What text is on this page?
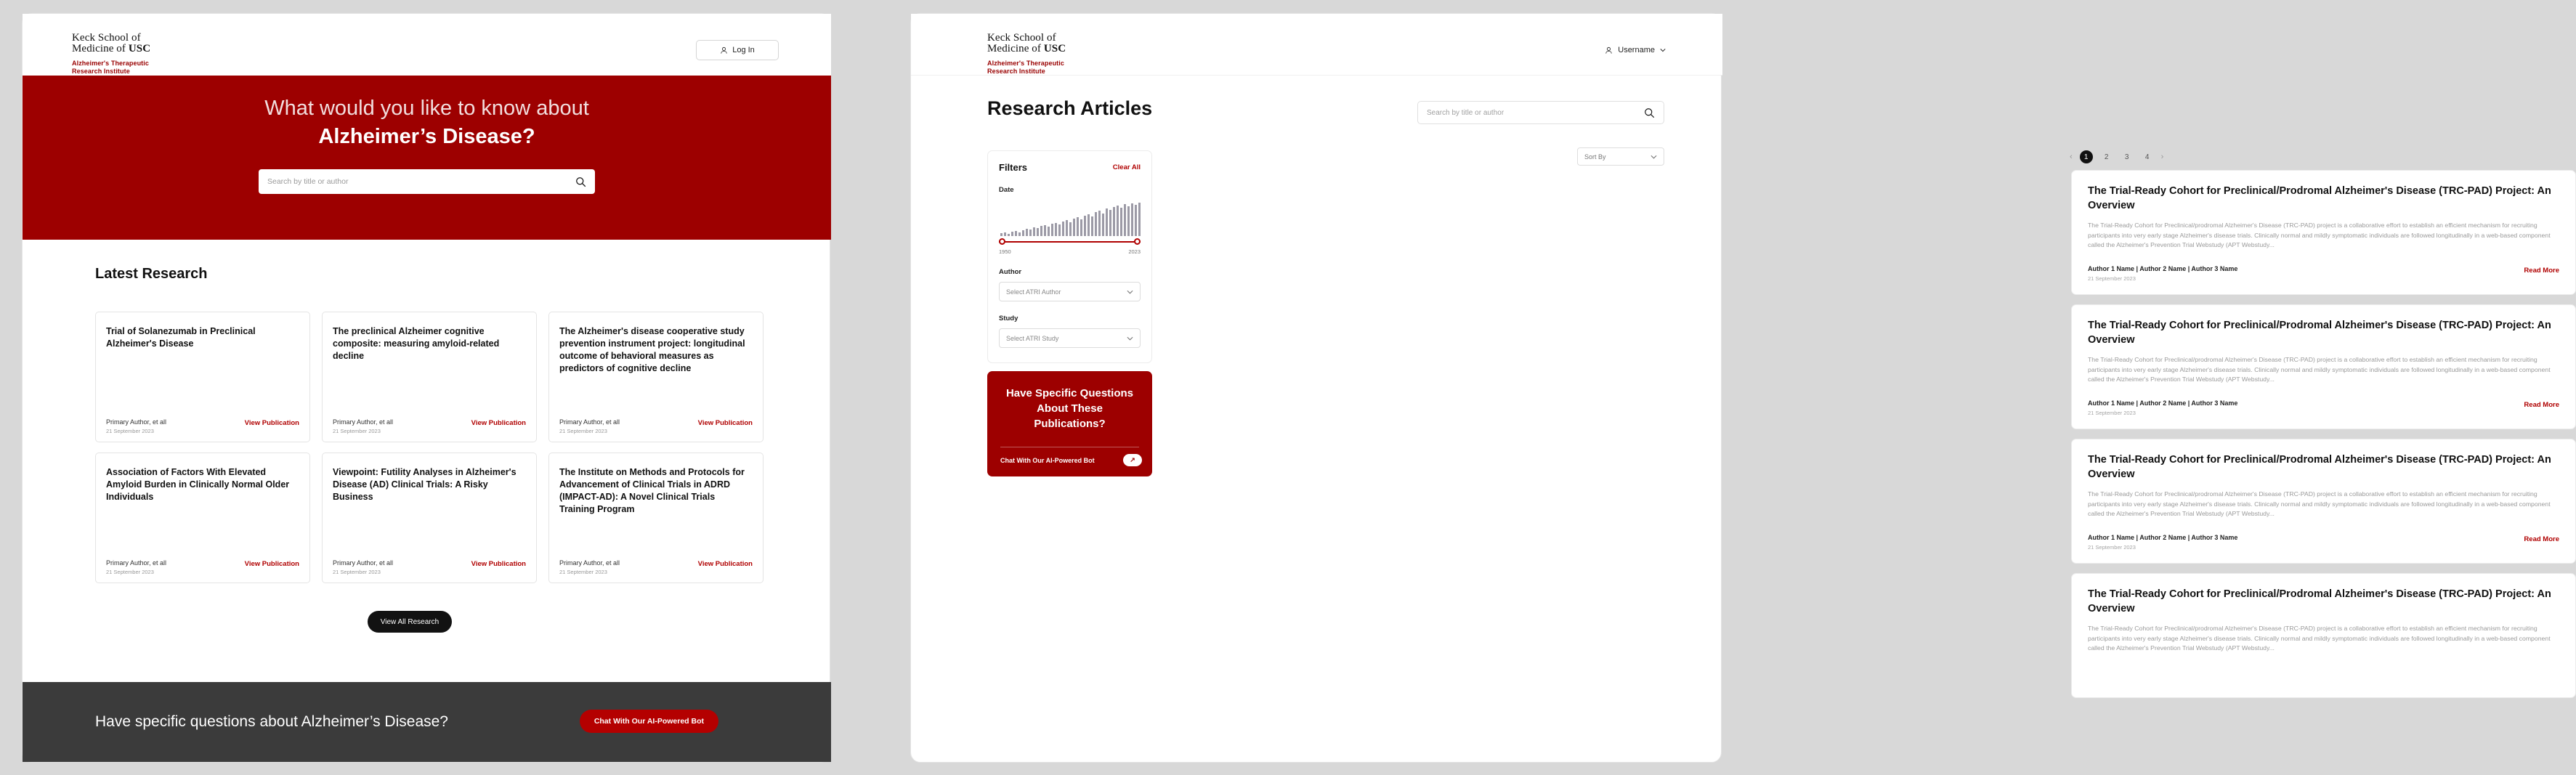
Keck School of
Medicine of USC
Alzheimer's Therapeutic
Research Institute
Log In
What would you like to know about
Alzheimer’s Disease?
Search by title or author
Latest Research
Trial of Solanezumab in Preclinical Alzheimer's Disease
Primary Author, et all
21 September 2023
View Publication
The preclinical Alzheimer cognitive composite: measuring amyloid-related decline
Primary Author, et all
21 September 2023
View Publication
The Alzheimer's disease cooperative study prevention instrument project: longitudinal outcome of behavioral measures as predictors of cognitive decline
Primary Author, et all
21 September 2023
View Publication
Association of Factors With Elevated Amyloid Burden in Clinically Normal Older Individuals
Primary Author, et all
21 September 2023
View Publication
Viewpoint: Futility Analyses in Alzheimer's Disease (AD) Clinical Trials: A Risky Business
Primary Author, et all
21 September 2023
View Publication
The Institute on Methods and Protocols for Advancement of Clinical Trials in ADRD (IMPACT-AD): A Novel Clinical Trials Training Program
Primary Author, et all
21 September 2023
View Publication
View All Research
Have specific questions about Alzheimer’s Disease?	Chat With Our AI-Powered Bot
Keck School of
Medicine of USC
Alzheimer's Therapeutic
Research Institute
Username
Research Articles
Search by title or author
Filters	Clear All
Date
1950	2023
Author
Select ATRI Author
Study
Select ATRI Study
Have Specific Questions About These Publications?
Chat With Our AI-Powered Bot	↗
‹	1	2	3	4	›
Sort By
The Trial-Ready Cohort for Preclinical/Prodromal Alzheimer's Disease (TRC-PAD) Project: An Overview

The Trial-Ready Cohort for Preclinical/prodromal Alzheimer's Disease (TRC-PAD) project is a collaborative effort to establish an efficient mechanism for recruiting participants into very early stage Alzheimer's disease trials. Clinically normal and mildly symptomatic individuals are followed longitudinally in a web-based component called the Alzheimer's Prevention Trial Webstudy (APT Webstudy...

Author 1 Name | Author 2 Name | Author 3 Name
21 September 2023
Read More
The Trial-Ready Cohort for Preclinical/Prodromal Alzheimer's Disease (TRC-PAD) Project: An Overview

The Trial-Ready Cohort for Preclinical/prodromal Alzheimer's Disease (TRC-PAD) project is a collaborative effort to establish an efficient mechanism for recruiting participants into very early stage Alzheimer's disease trials. Clinically normal and mildly symptomatic individuals are followed longitudinally in a web-based component called the Alzheimer's Prevention Trial Webstudy (APT Webstudy...

Author 1 Name | Author 2 Name | Author 3 Name
21 September 2023
Read More
The Trial-Ready Cohort for Preclinical/Prodromal Alzheimer's Disease (TRC-PAD) Project: An Overview

The Trial-Ready Cohort for Preclinical/prodromal Alzheimer's Disease (TRC-PAD) project is a collaborative effort to establish an efficient mechanism for recruiting participants into very early stage Alzheimer's disease trials. Clinically normal and mildly symptomatic individuals are followed longitudinally in a web-based component called the Alzheimer's Prevention Trial Webstudy (APT Webstudy...

Author 1 Name | Author 2 Name | Author 3 Name
21 September 2023
Read More
The Trial-Ready Cohort for Preclinical/Prodromal Alzheimer's Disease (TRC-PAD) Project: An Overview

The Trial-Ready Cohort for Preclinical/prodromal Alzheimer's Disease (TRC-PAD) project is a collaborative effort to establish an efficient mechanism for recruiting participants into very early stage Alzheimer's disease trials. Clinically normal and mildly symptomatic individuals are followed longitudinally in a web-based component called the Alzheimer's Prevention Trial Webstudy (APT Webstudy...
